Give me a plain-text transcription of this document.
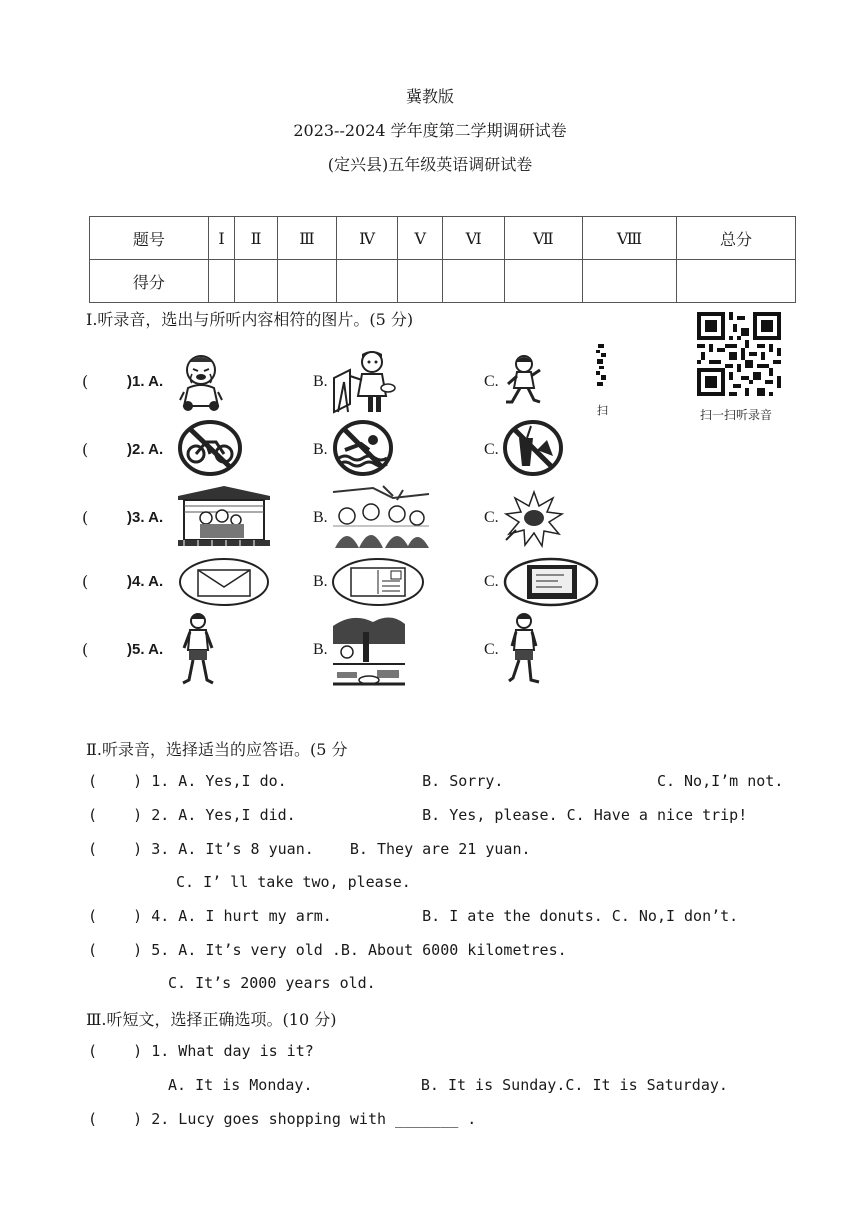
冀教版
2023--2024 学年度第二学期调研试卷
(定兴县)五年级英语调研试卷
题号	Ⅰ	Ⅱ	Ⅲ	Ⅳ	Ⅴ	Ⅵ	Ⅶ	Ⅷ	总分
得分									
Ⅰ.听录音，选出与所听内容相符的图片。(5 分)
扫一扫听录音
扫
(	)1. A.	B.	C.
(	)2. A.	B.	C.
(	)3. A.	B.	C.
(	)4. A.	B.	C.
(	)5. A.	B.	C.
Ⅱ.听录音，选择适当的应答语。(5 分
(    ) 1. A. Yes,I do.               B. Sorry.                 C. No,I’m not.
(    ) 2. A. Yes,I did.              B. Yes, please. C. Have a nice trip!
(    ) 3. A. It’s 8 yuan.    B. They are 21 yuan.
C. I’ ll take two, please.
(    ) 4. A. I hurt my arm.          B. I ate the donuts. C. No,I don’t.
(    ) 5. A. It’s very old .B. About 6000 kilometres.
C. It’s 2000 years old.
Ⅲ.听短文，选择正确选项。(10 分)
(    ) 1. What day is it?
A. It is Monday.            B. It is Sunday.C. It is Saturday.
(    ) 2. Lucy goes shopping with _______ .
